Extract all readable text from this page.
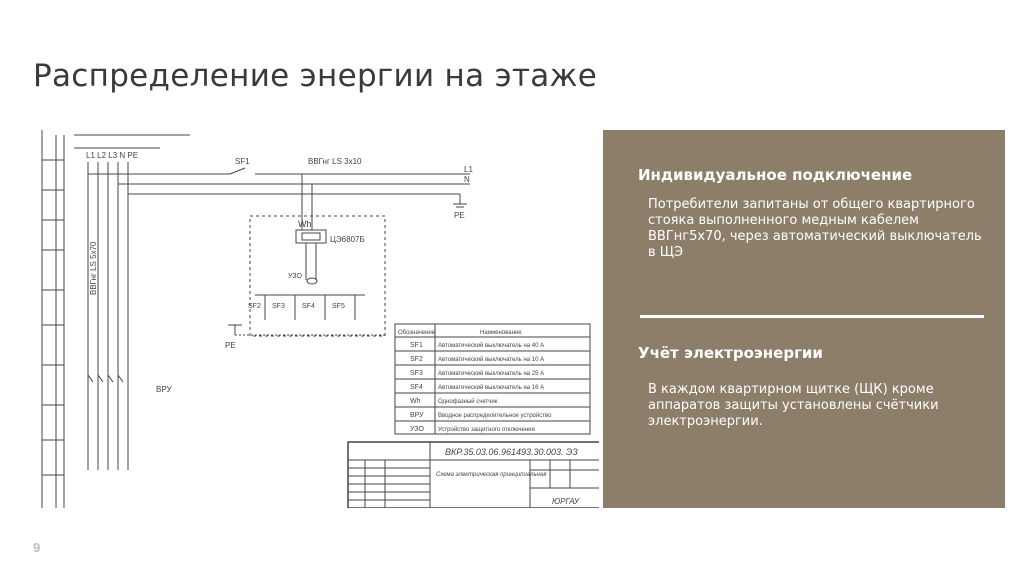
Распределение энергии на этаже
L1 L2 L3 N PE
ВВГнг LS 5х70
ВРУ
SF1	ВВГнг LS 3х10
L1
N
PE
Wh
ЦЭ6807Б
УЗО
SF2 SF3 SF4 SF5
PE
Обозначение	Наименование
SF1	Автоматический выключатель на 40 А
SF2	Автоматический выключатель на 10 А
SF3	Автоматический выключатель на 25 А
SF4	Автоматический выключатель на 16 А
Wh	Однофазный счетчик
ВРУ Вводное распределительное устройство
УЗО Устройство защитного отключения
ВКР.35.03.06.961493.30.003. ЭЗ
Схема электрическая принципиальная
ЮРГАУ
Индивидуальное подключение
Потребители запитаны от общего квартирного стояка выполненного медным кабелем ВВГнг5х70, через автоматический выключатель в ЩЭ
Учёт электроэнергии
В каждом квартирном щитке (ЩК) кроме аппаратов защиты установлены счётчики электроэнергии.
9
